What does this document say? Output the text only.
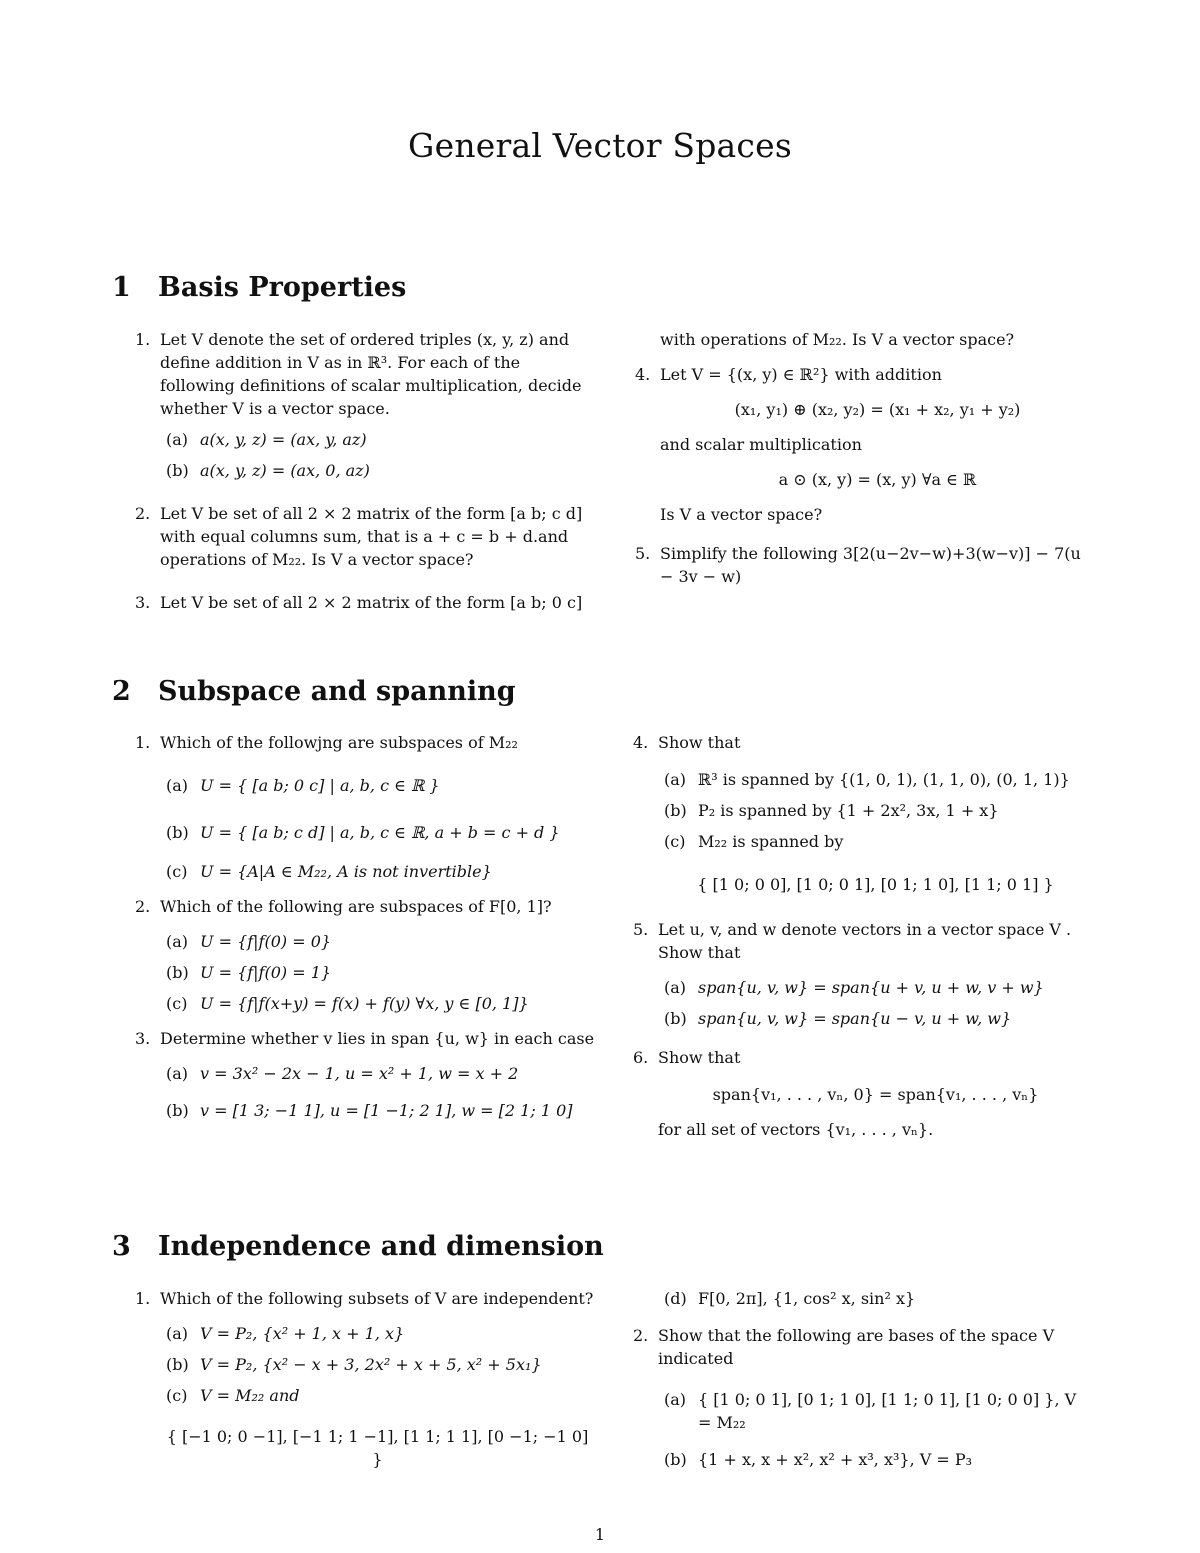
General Vector Spaces
1 Basis Properties
1. Let V denote the set of ordered triples (x, y, z) and define addition in V as in ℝ³. For each of the following definitions of scalar multiplication, decide whether V is a vector space.
(a) a(x, y, z) = (ax, y, az)
(b) a(x, y, z) = (ax, 0, az)
2. Let V be set of all 2 × 2 matrix of the form [a b; c d] with equal columns sum, that is a + c = b + d.and operations of M₂₂. Is V a vector space?
3. Let V be set of all 2 × 2 matrix of the form [a b; 0 c]
with operations of M₂₂. Is V a vector space?
4. Let V = {(x, y) ∈ ℝ²} with addition
(x₁, y₁) ⊕ (x₂, y₂) = (x₁ + x₂, y₁ + y₂)
and scalar multiplication
a ⊙ (x, y) = (x, y) ∀a ∈ ℝ
Is V a vector space?
5. Simplify the following 3[2(u−2v−w)+3(w−v)] − 7(u − 3v − w)
2 Subspace and spanning
1. Which of the followjng are subspaces of M₂₂
(a) U = { [a b; 0 c] | a, b, c ∈ ℝ }
(b) U = { [a b; c d] | a, b, c ∈ ℝ, a + b = c + d }
(c) U = {A|A ∈ M₂₂, A is not invertible}
2. Which of the following are subspaces of F[0, 1]?
(a) U = {f|f(0) = 0}
(b) U = {f|f(0) = 1}
(c) U = {f|f(x+y) = f(x) + f(y) ∀x, y ∈ [0, 1]}
3. Determine whether v lies in span {u, w} in each case
(a) v = 3x² − 2x − 1, u = x² + 1, w = x + 2
(b) v = [1 3; −1 1], u = [1 −1; 2 1], w = [2 1; 1 0]
4. Show that
(a) ℝ³ is spanned by {(1, 0, 1), (1, 1, 0), (0, 1, 1)}
(b) P₂ is spanned by {1 + 2x², 3x, 1 + x}
(c) M₂₂ is spanned by
{ [1 0; 0 0], [1 0; 0 1], [0 1; 1 0], [1 1; 0 1] }
5. Let u, v, and w denote vectors in a vector space V . Show that
(a) span{u, v, w} = span{u + v, u + w, v + w}
(b) span{u, v, w} = span{u − v, u + w, w}
6. Show that
span{v₁, . . . , vₙ, 0} = span{v₁, . . . , vₙ}
for all set of vectors {v₁, . . . , vₙ}.
3 Independence and dimension
1. Which of the following subsets of V are independent?
(a) V = P₂, {x² + 1, x + 1, x}
(b) V = P₂, {x² − x + 3, 2x² + x + 5, x² + 5x₁}
(c) V = M₂₂ and
{ [−1 0; 0 −1], [−1 1; 1 −1], [1 1; 1 1], [0 −1; −1 0] }
(d) F[0, 2π], {1, cos² x, sin² x}
2. Show that the following are bases of the space V indicated
(a) { [1 0; 0 1], [0 1; 1 0], [1 1; 0 1], [1 0; 0 0] }, V = M₂₂
(b) {1 + x, x + x², x² + x³, x³}, V = P₃
1
